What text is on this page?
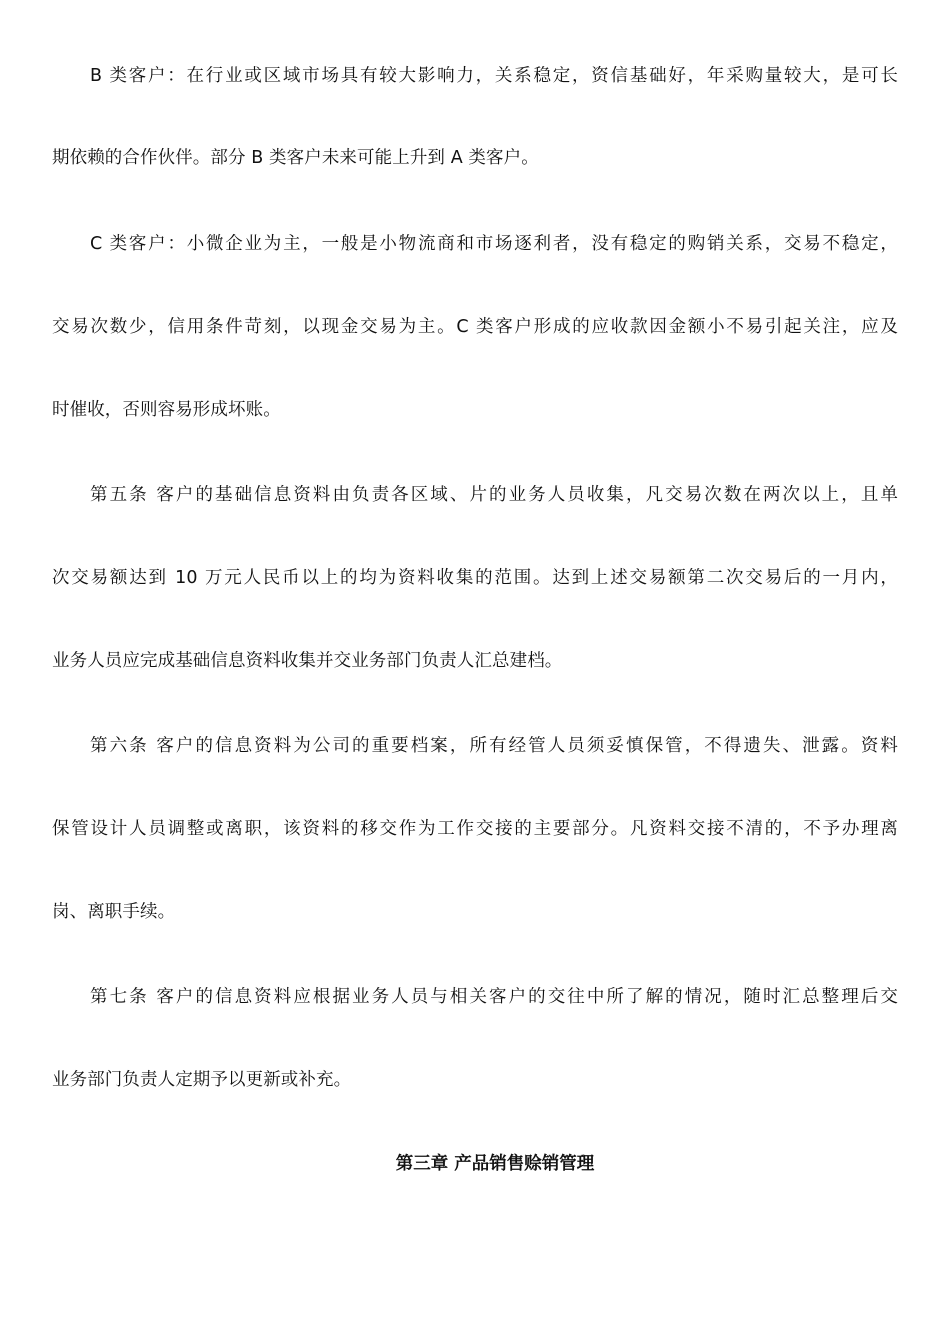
B 类客户：在行业或区域市场具有较大影响力，关系稳定，资信基础好，年采购量较大，是可长
期依赖的合作伙伴。部分 B 类客户未来可能上升到 A 类客户。
C 类客户：小微企业为主，一般是小物流商和市场逐利者，没有稳定的购销关系，交易不稳定，
交易次数少，信用条件苛刻，以现金交易为主。C 类客户形成的应收款因金额小不易引起关注，应及
时催收，否则容易形成坏账。
第五条 客户的基础信息资料由负责各区域、片的业务人员收集，凡交易次数在两次以上，且单
次交易额达到 10 万元人民币以上的均为资料收集的范围。达到上述交易额第二次交易后的一月内，
业务人员应完成基础信息资料收集并交业务部门负责人汇总建档。
第六条 客户的信息资料为公司的重要档案，所有经管人员须妥慎保管，不得遗失、泄露。资料
保管设计人员调整或离职，该资料的移交作为工作交接的主要部分。凡资料交接不清的，不予办理离
岗、离职手续。
第七条 客户的信息资料应根据业务人员与相关客户的交往中所了解的情况，随时汇总整理后交
业务部门负责人定期予以更新或补充。
第三章 产品销售赊销管理
